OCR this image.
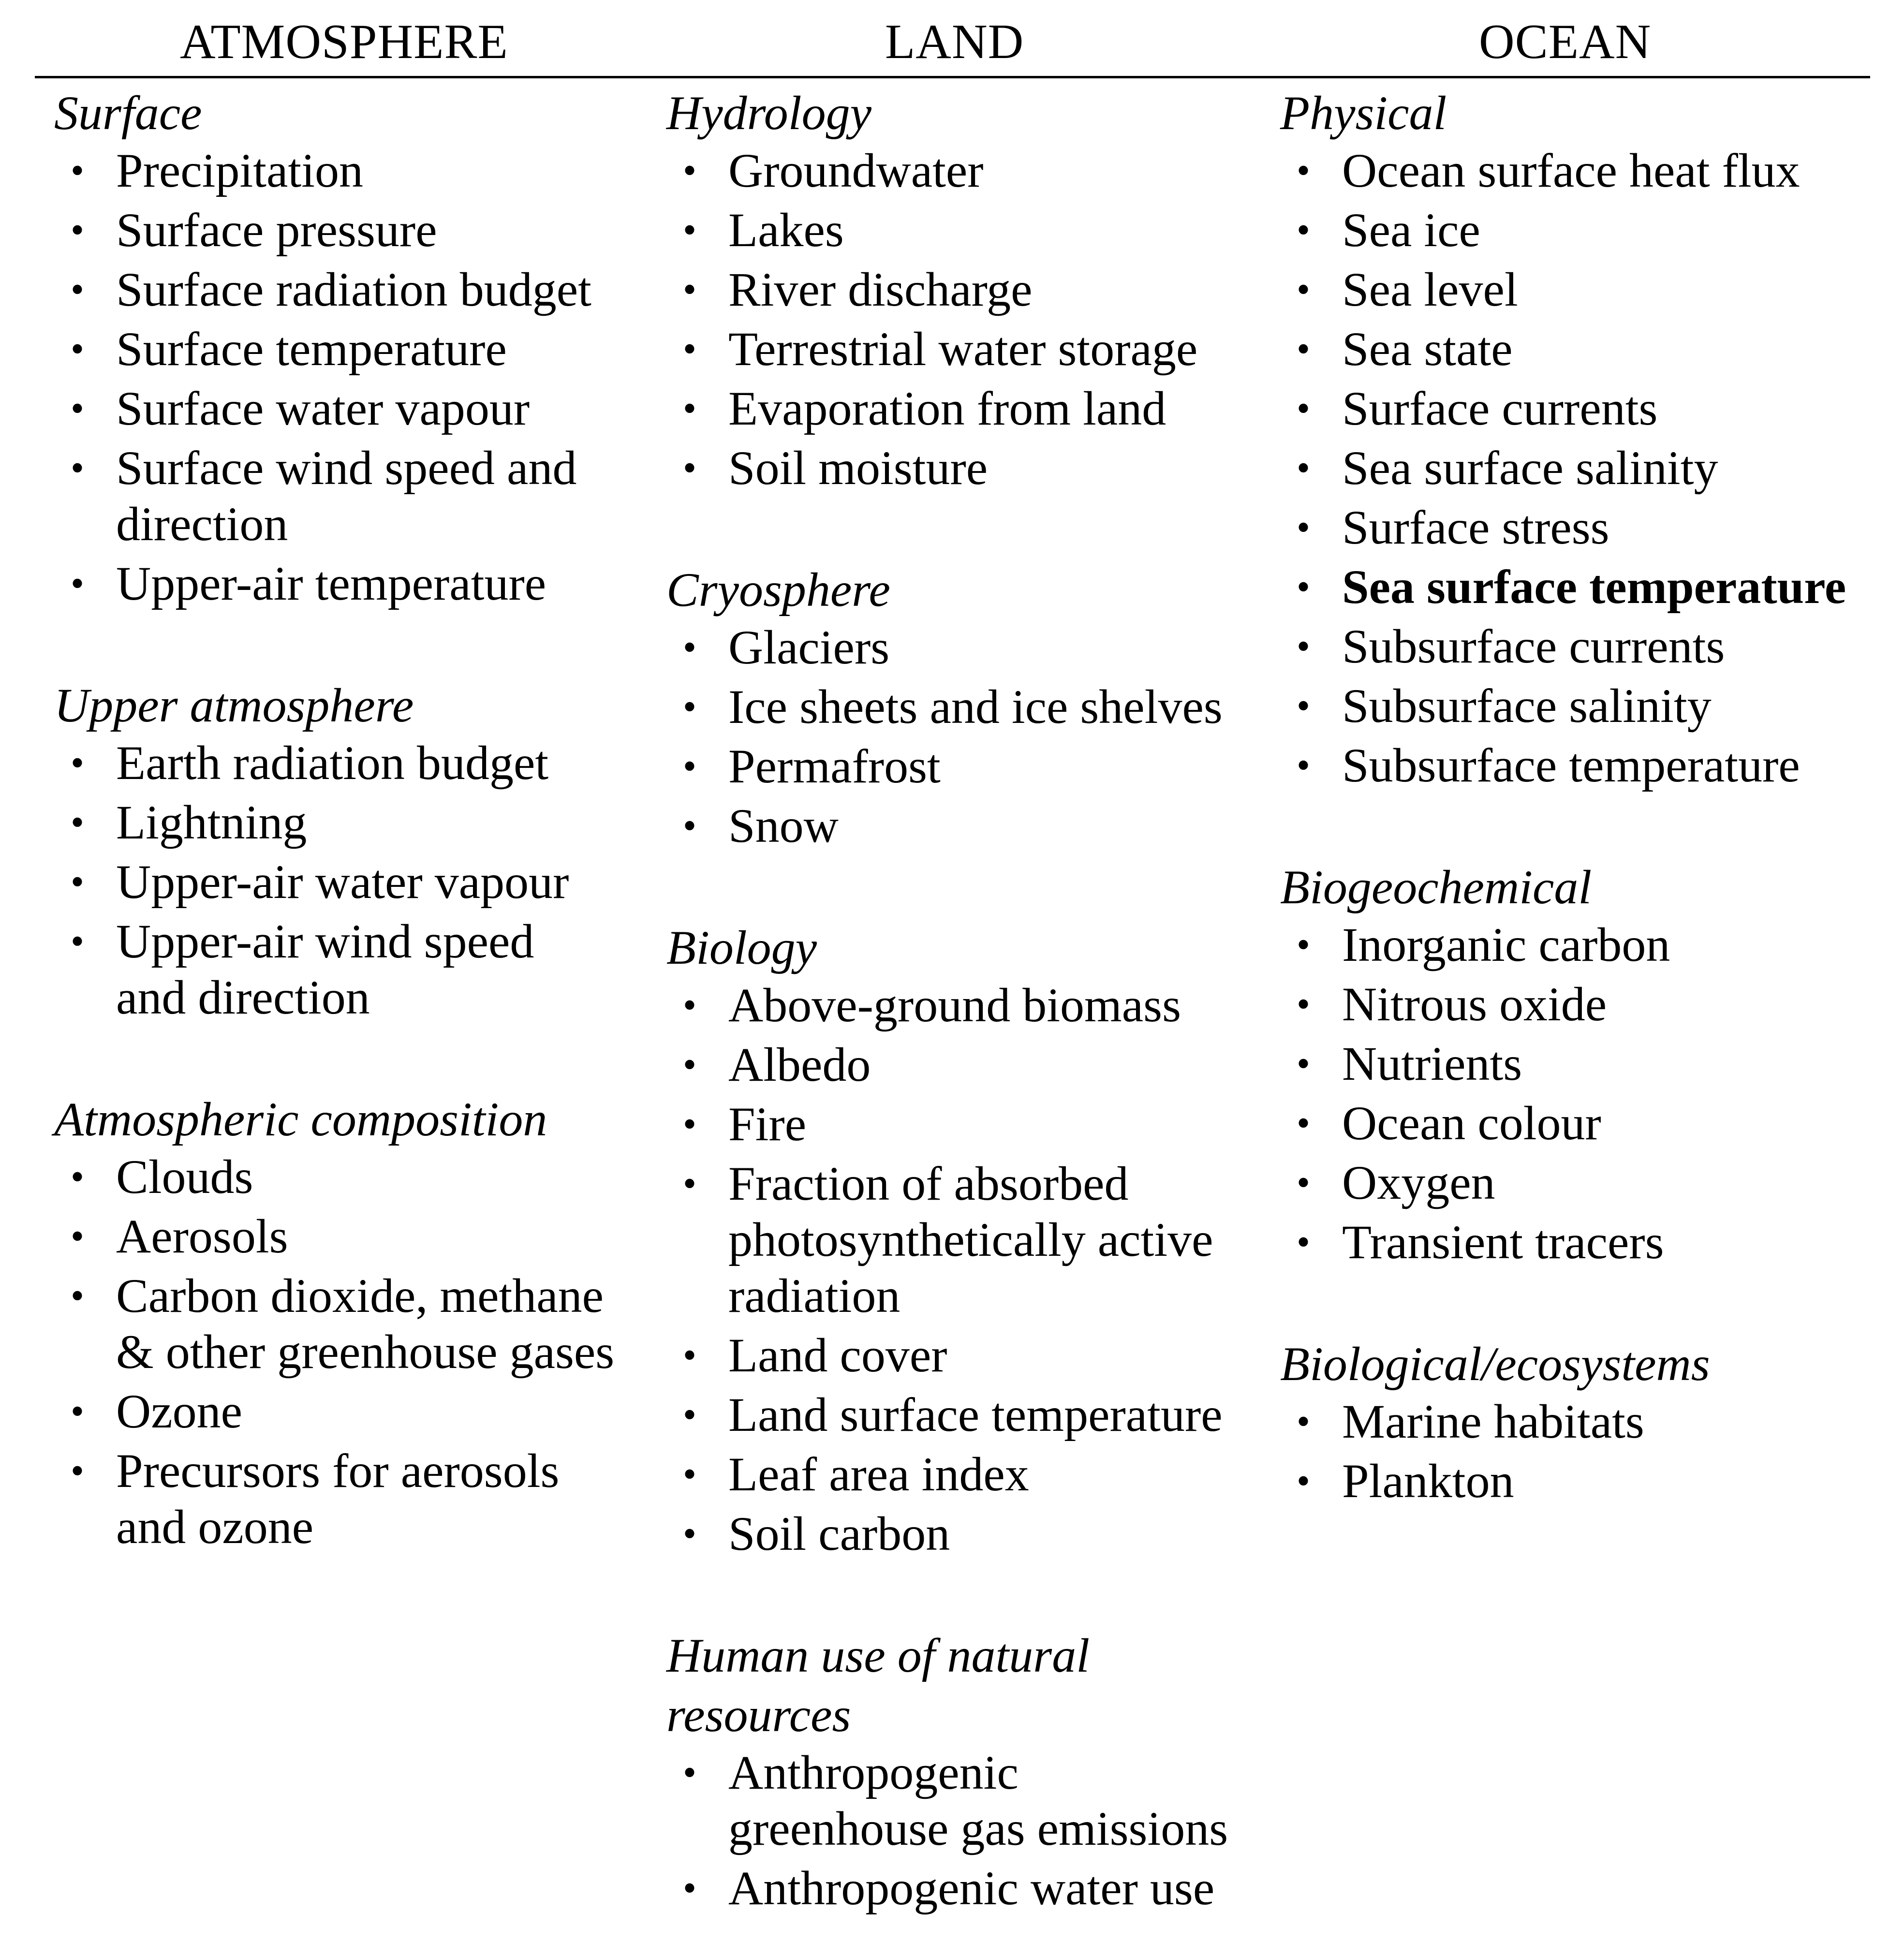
ATMOSPHERE	LAND	OCEAN
Surface
• Precipitation
• Surface pressure
• Surface radiation budget
• Surface temperature
• Surface water vapour
• Surface wind speed and
direction
• Upper-air temperature
Upper atmosphere
• Earth radiation budget
• Lightning
• Upper-air water vapour
• Upper-air wind speed
and direction
Atmospheric composition
• Clouds
• Aerosols
• Carbon dioxide, methane
& other greenhouse gases
• Ozone
• Precursors for aerosols
and ozone
Hydrology
• Groundwater
• Lakes
• River discharge
• Terrestrial water storage
• Evaporation from land
• Soil moisture
Cryosphere
• Glaciers
• Ice sheets and ice shelves
• Permafrost
• Snow
Biology
• Above-ground biomass
• Albedo
• Fire
• Fraction of absorbed
photosynthetically active
radiation
• Land cover
• Land surface temperature
• Leaf area index
• Soil carbon
Human use of natural
resources
• Anthropogenic
greenhouse gas emissions
• Anthropogenic water use
Physical
• Ocean surface heat flux
• Sea ice
• Sea level
• Sea state
• Surface currents
• Sea surface salinity
• Surface stress
• Sea surface temperature
• Subsurface currents
• Subsurface salinity
• Subsurface temperature
Biogeochemical
• Inorganic carbon
• Nitrous oxide
• Nutrients
• Ocean colour
• Oxygen
• Transient tracers
Biological/ecosystems
• Marine habitats
• Plankton
